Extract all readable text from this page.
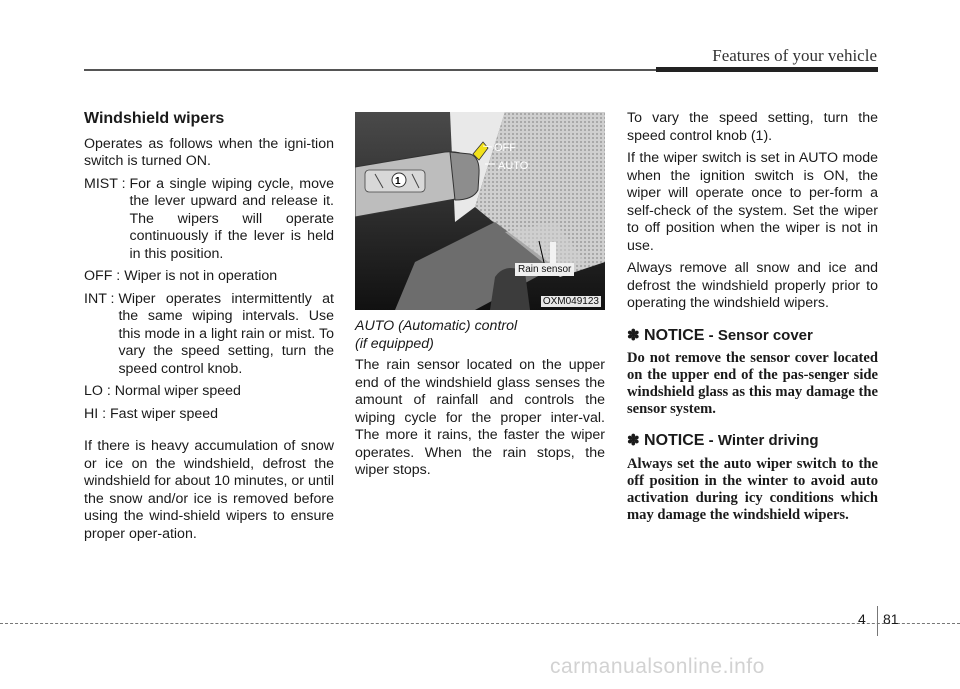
Features of your vehicle
Windshield wipers

Operates as follows when the igni-tion switch is turned ON.

MIST : For a single wiping cycle, move the lever upward and release it. The wipers will operate continuously if the lever is held in this position.
OFF : Wiper is not in operation
INT : Wiper operates intermittently at the same wiping intervals. Use this mode in a light rain or mist. To vary the speed setting, turn the speed control knob.
LO : Normal wiper speed
HI : Fast wiper speed

If there is heavy accumulation of snow or ice on the windshield, defrost the windshield for about 10 minutes, or until the snow and/or ice is removed before using the wind-shield wipers to ensure proper oper-ation.

OFF
AUTO
1
Rain sensor
OXM049123
AUTO (Automatic) control
(if equipped)

The rain sensor located on the upper end of the windshield glass senses the amount of rainfall and controls the wiping cycle for the proper inter-val. The more it rains, the faster the wiper operates. When the rain stops, the wiper stops.

To vary the speed setting, turn the speed control knob (1).

If the wiper switch is set in AUTO mode when the ignition switch is ON, the wiper will operate once to per-form a self-check of the system. Set the wiper to off position when the wiper is not in use.

Always remove all snow and ice and defrost the windshield properly prior to operating the windshield wipers.

✽ NOTICE - Sensor cover

Do not remove the sensor cover located on the upper end of the pas-senger side windshield glass as this may damage the sensor system.

✽ NOTICE - Winter driving

Always set the auto wiper switch to the off position in the winter to avoid auto activation during icy conditions which may damage the windshield wipers.

4 81
carmanualsonline.info
